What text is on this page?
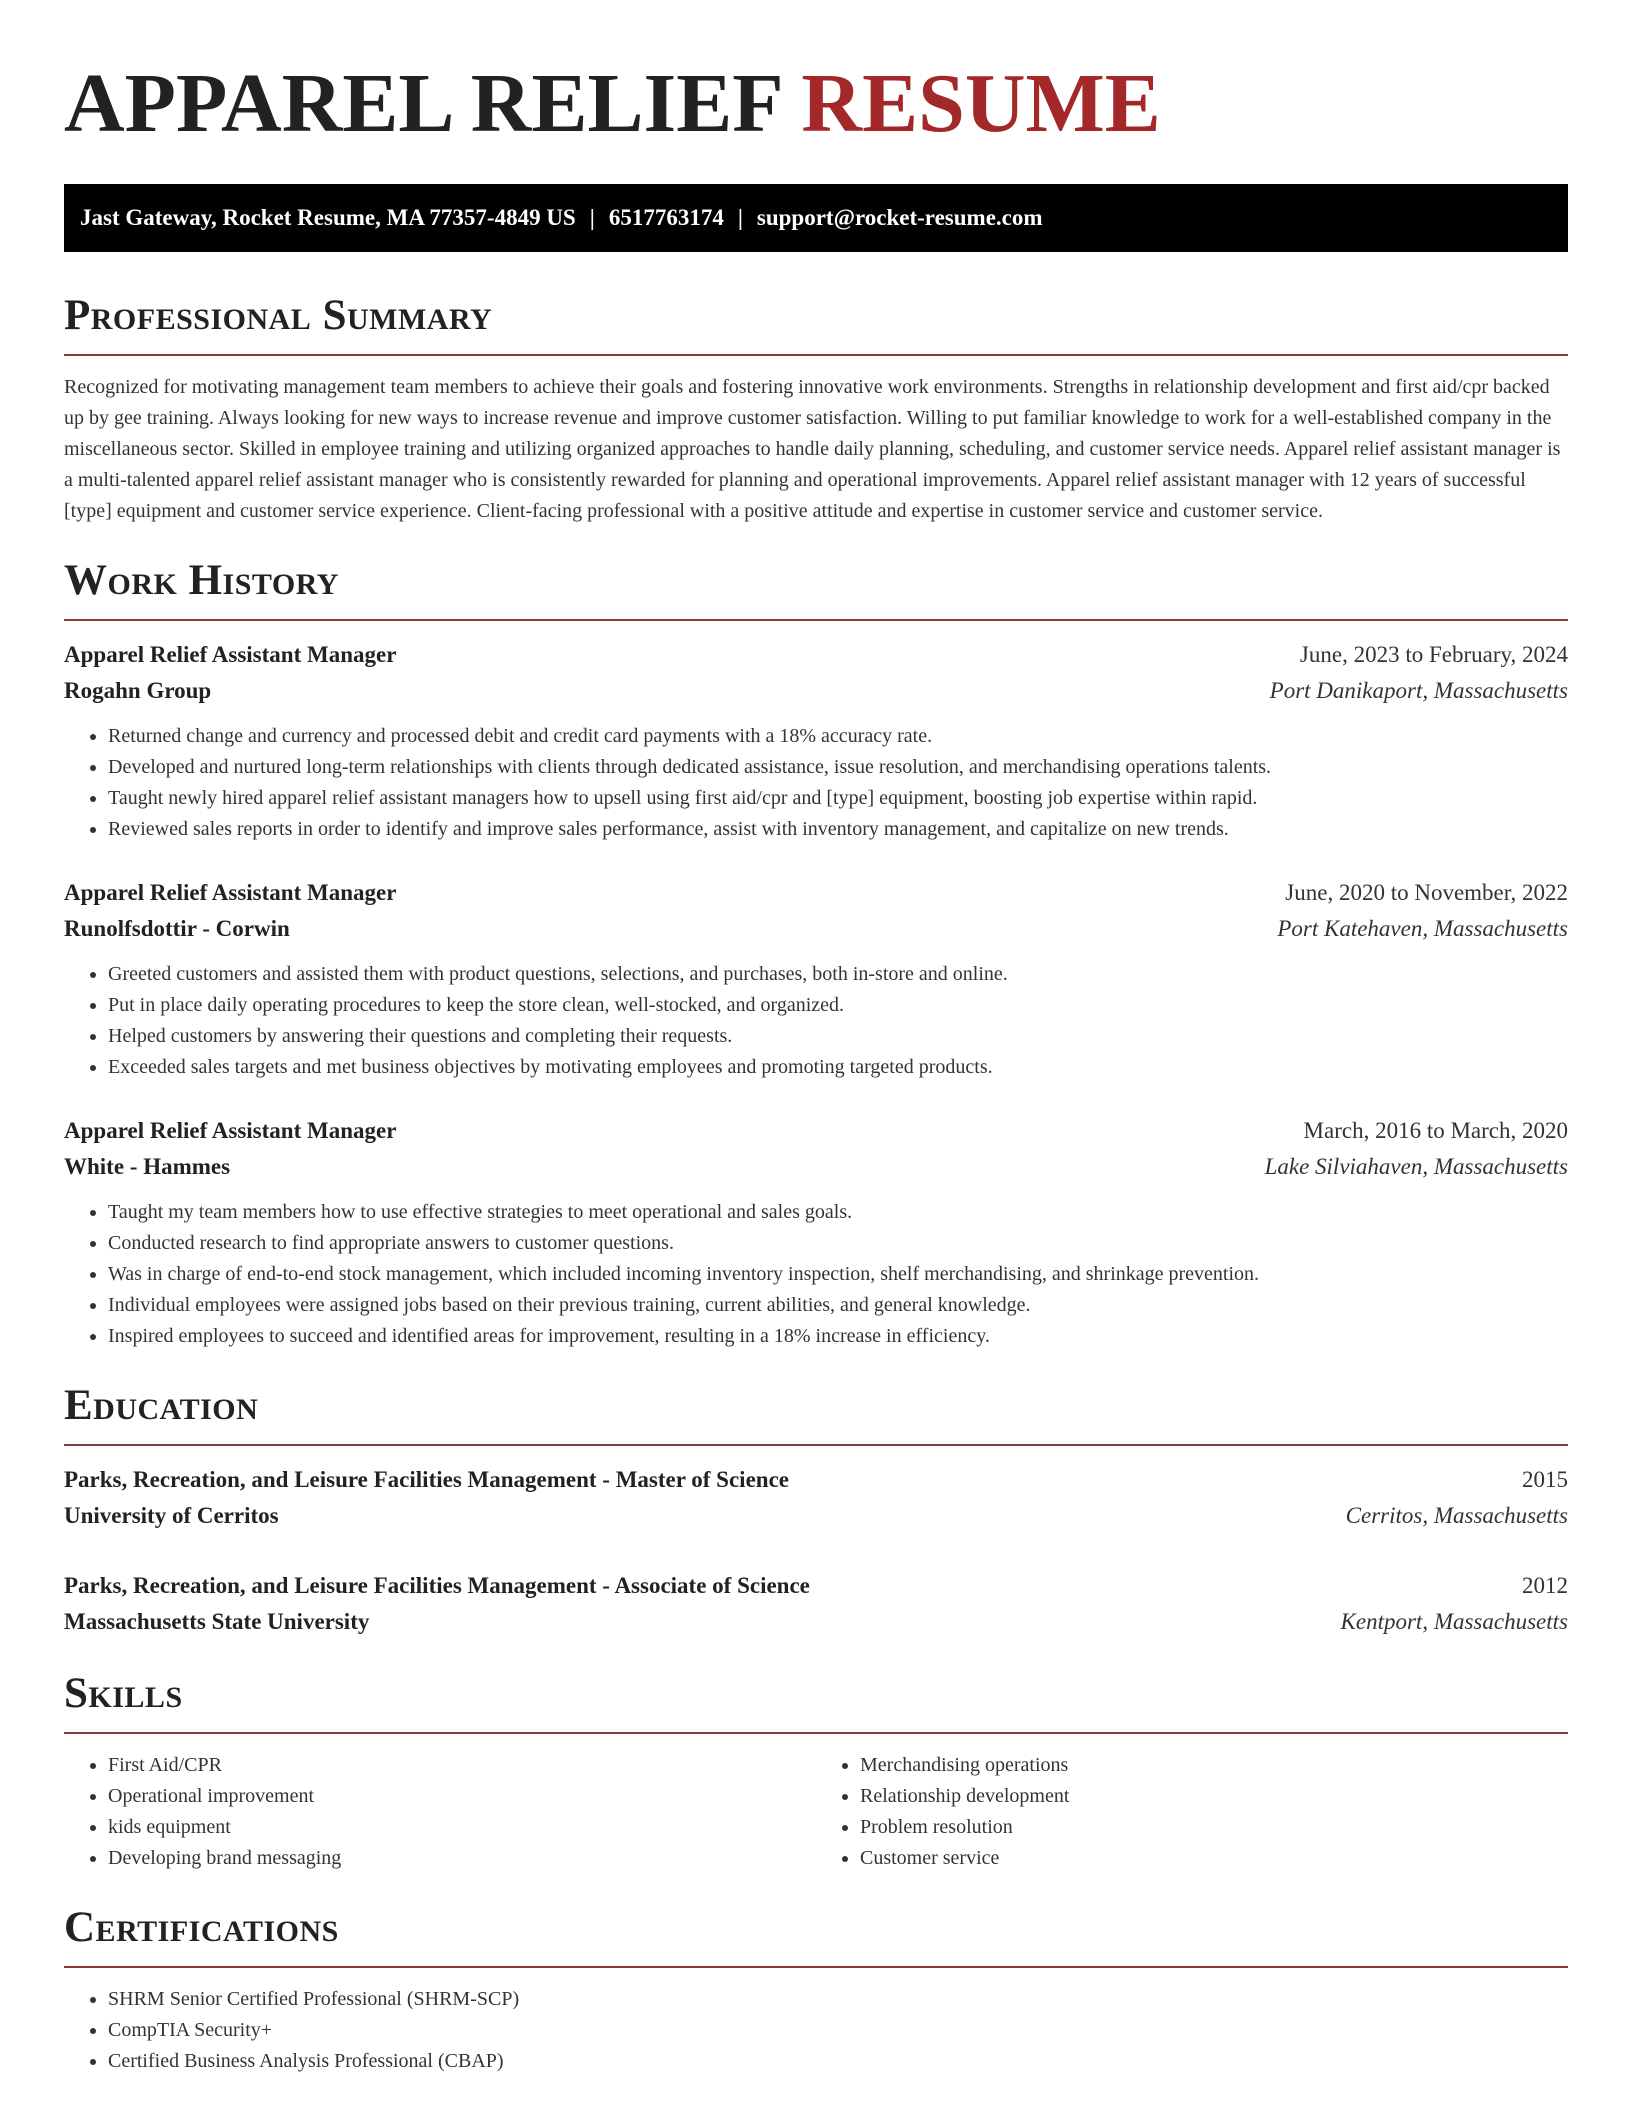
APPAREL RELIEF RESUME
Jast Gateway, Rocket Resume, MA 77357-4849 US | 6517763174 | support@rocket-resume.com
Professional Summary

Recognized for motivating management team members to achieve their goals and fostering innovative work environments. Strengths in relationship development and first aid/cpr backed up by gee training. Always looking for new ways to increase revenue and improve customer satisfaction. Willing to put familiar knowledge to work for a well-established company in the miscellaneous sector. Skilled in employee training and utilizing organized approaches to handle daily planning, scheduling, and customer service needs. Apparel relief assistant manager is a multi-talented apparel relief assistant manager who is consistently rewarded for planning and operational improvements. Apparel relief assistant manager with 12 years of successful [type] equipment and customer service experience. Client-facing professional with a positive attitude and expertise in customer service and customer service.

Work History
Apparel Relief Assistant Manager	June, 2023 to February, 2024
Rogahn Group	Port Danikaport, Massachusetts
• Returned change and currency and processed debit and credit card payments with a 18% accuracy rate.
• Developed and nurtured long-term relationships with clients through dedicated assistance, issue resolution, and merchandising operations talents.
• Taught newly hired apparel relief assistant managers how to upsell using first aid/cpr and [type] equipment, boosting job expertise within rapid.
• Reviewed sales reports in order to identify and improve sales performance, assist with inventory management, and capitalize on new trends.
Apparel Relief Assistant Manager	June, 2020 to November, 2022
Runolfsdottir - Corwin	Port Katehaven, Massachusetts
• Greeted customers and assisted them with product questions, selections, and purchases, both in-store and online.
• Put in place daily operating procedures to keep the store clean, well-stocked, and organized.
• Helped customers by answering their questions and completing their requests.
• Exceeded sales targets and met business objectives by motivating employees and promoting targeted products.
Apparel Relief Assistant Manager	March, 2016 to March, 2020
White - Hammes	Lake Silviahaven, Massachusetts
• Taught my team members how to use effective strategies to meet operational and sales goals.
• Conducted research to find appropriate answers to customer questions.
• Was in charge of end-to-end stock management, which included incoming inventory inspection, shelf merchandising, and shrinkage prevention.
• Individual employees were assigned jobs based on their previous training, current abilities, and general knowledge.
• Inspired employees to succeed and identified areas for improvement, resulting in a 18% increase in efficiency.
Education
Parks, Recreation, and Leisure Facilities Management - Master of Science	2015
University of Cerritos	Cerritos, Massachusetts
Parks, Recreation, and Leisure Facilities Management - Associate of Science	2012
Massachusetts State University	Kentport, Massachusetts
Skills
• First Aid/CPR
• Operational improvement
• kids equipment
• Developing brand messaging
• Merchandising operations
• Relationship development
• Problem resolution
• Customer service
Certifications
• SHRM Senior Certified Professional (SHRM-SCP)
• CompTIA Security+
• Certified Business Analysis Professional (CBAP)
